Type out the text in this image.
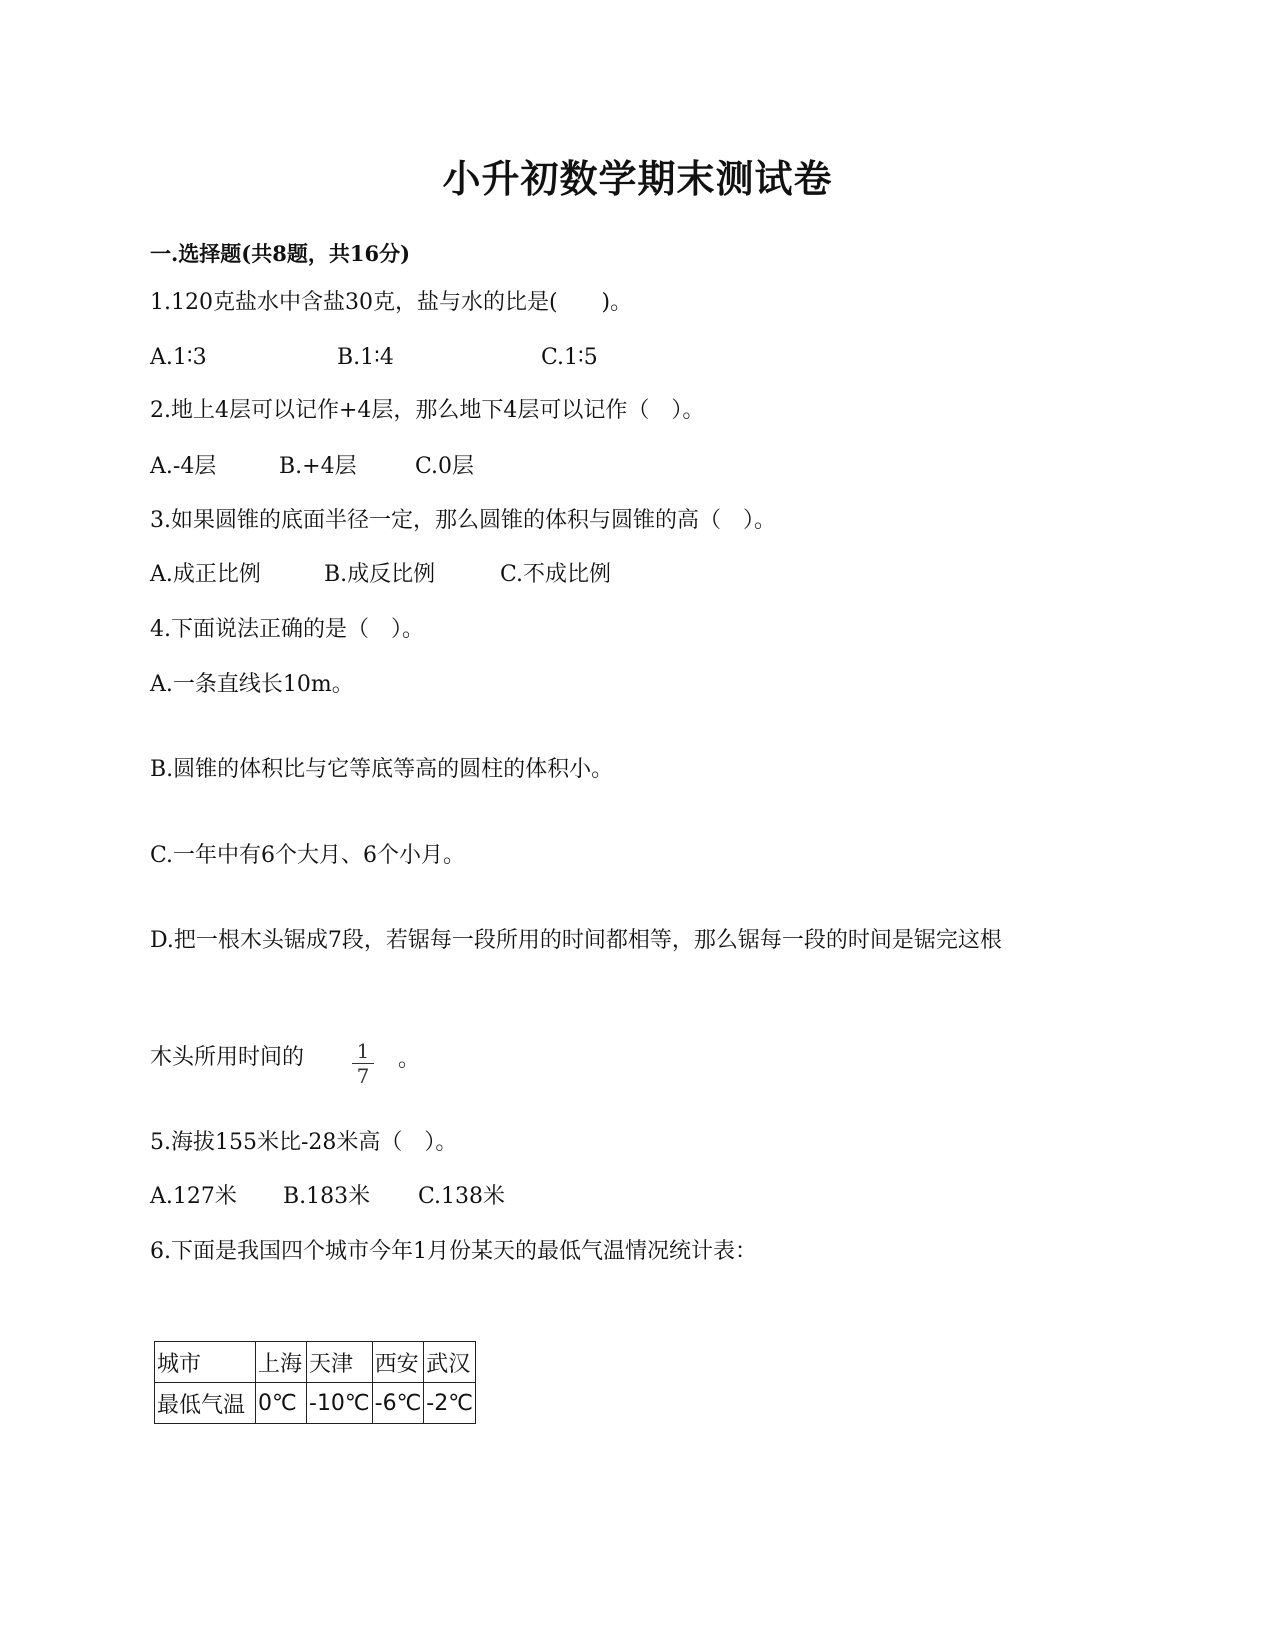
小升初数学期末测试卷
一.选择题(共8题，共16分)
1.120克盐水中含盐30克，盐与水的比是(　　)。
A.1∶3	B.1∶4	C.1∶5
2.地上4层可以记作+4层，那么地下4层可以记作（　）。
A.-4层	B.+4层	C.0层
3.如果圆锥的底面半径一定，那么圆锥的体积与圆锥的高（　）。
A.成正比例	B.成反比例	C.不成比例
4.下面说法正确的是（　）。
A.一条直线长10m。
B.圆锥的体积比与它等底等高的圆柱的体积小。
C.一年中有6个大月、6个小月。
D.把一根木头锯成7段，若锯每一段所用的时间都相等，那么锯每一段的时间是锯完这根
木头所用时间的	1
7
。
5.海拔155米比-28米高（　）。
A.127米 B.183米 C.138米
6.下面是我国四个城市今年1月份某天的最低气温情况统计表：
城市	上海	天津	西安	武汉
最低气温	0℃	-10℃	-6℃	-2℃
